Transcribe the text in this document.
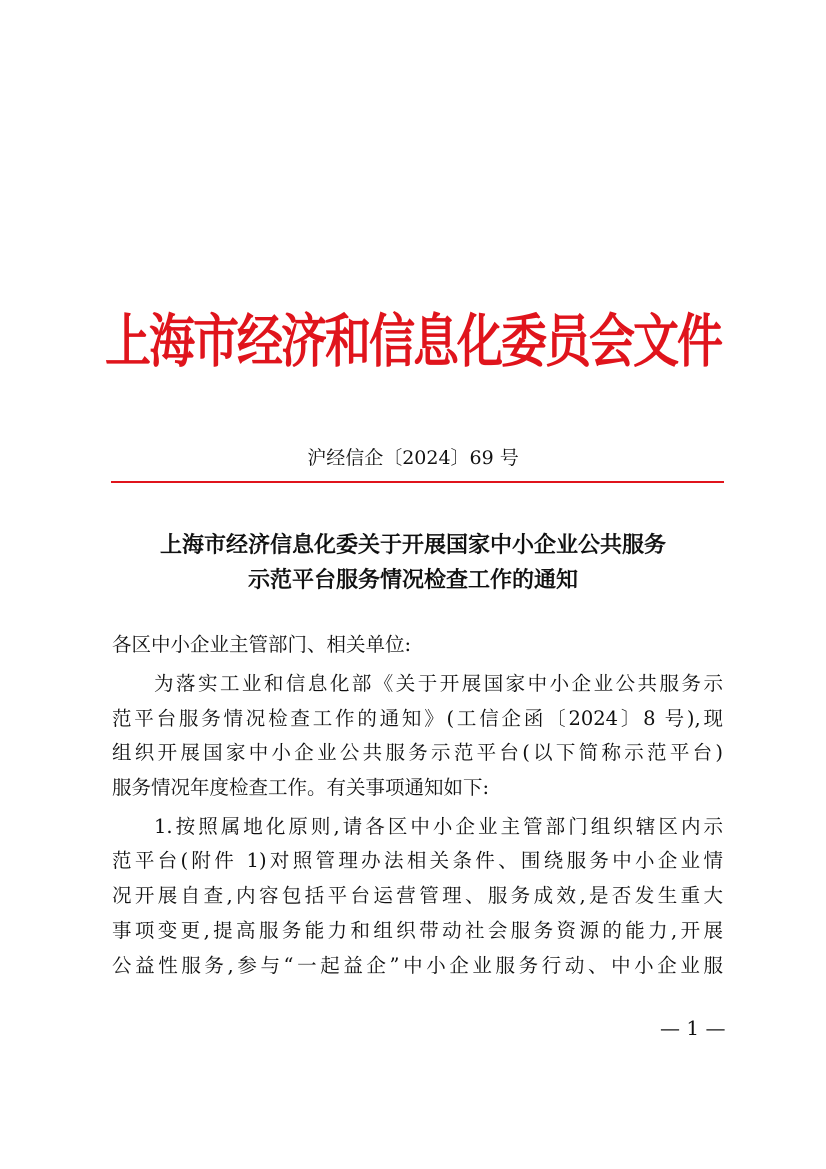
上海市经济和信息化委员会文件
沪经信企〔2024〕69 号
上海市经济信息化委关于开展国家中小企业公共服务
示范平台服务情况检查工作的通知
各区中小企业主管部门、相关单位:
为落实工业和信息化部《关于开展国家中小企业公共服务示
范平台服务情况检查工作的通知》(工信企函〔2024〕8 号),现
组织开展国家中小企业公共服务示范平台(以下简称示范平台)
服务情况年度检查工作。有关事项通知如下:
1.按照属地化原则,请各区中小企业主管部门组织辖区内示
范平台(附件 1)对照管理办法相关条件、围绕服务中小企业情
况开展自查,内容包括平台运营管理、服务成效,是否发生重大
事项变更,提高服务能力和组织带动社会服务资源的能力,开展
公益性服务,参与“一起益企”中小企业服务行动、中小企业服
— 1 —
